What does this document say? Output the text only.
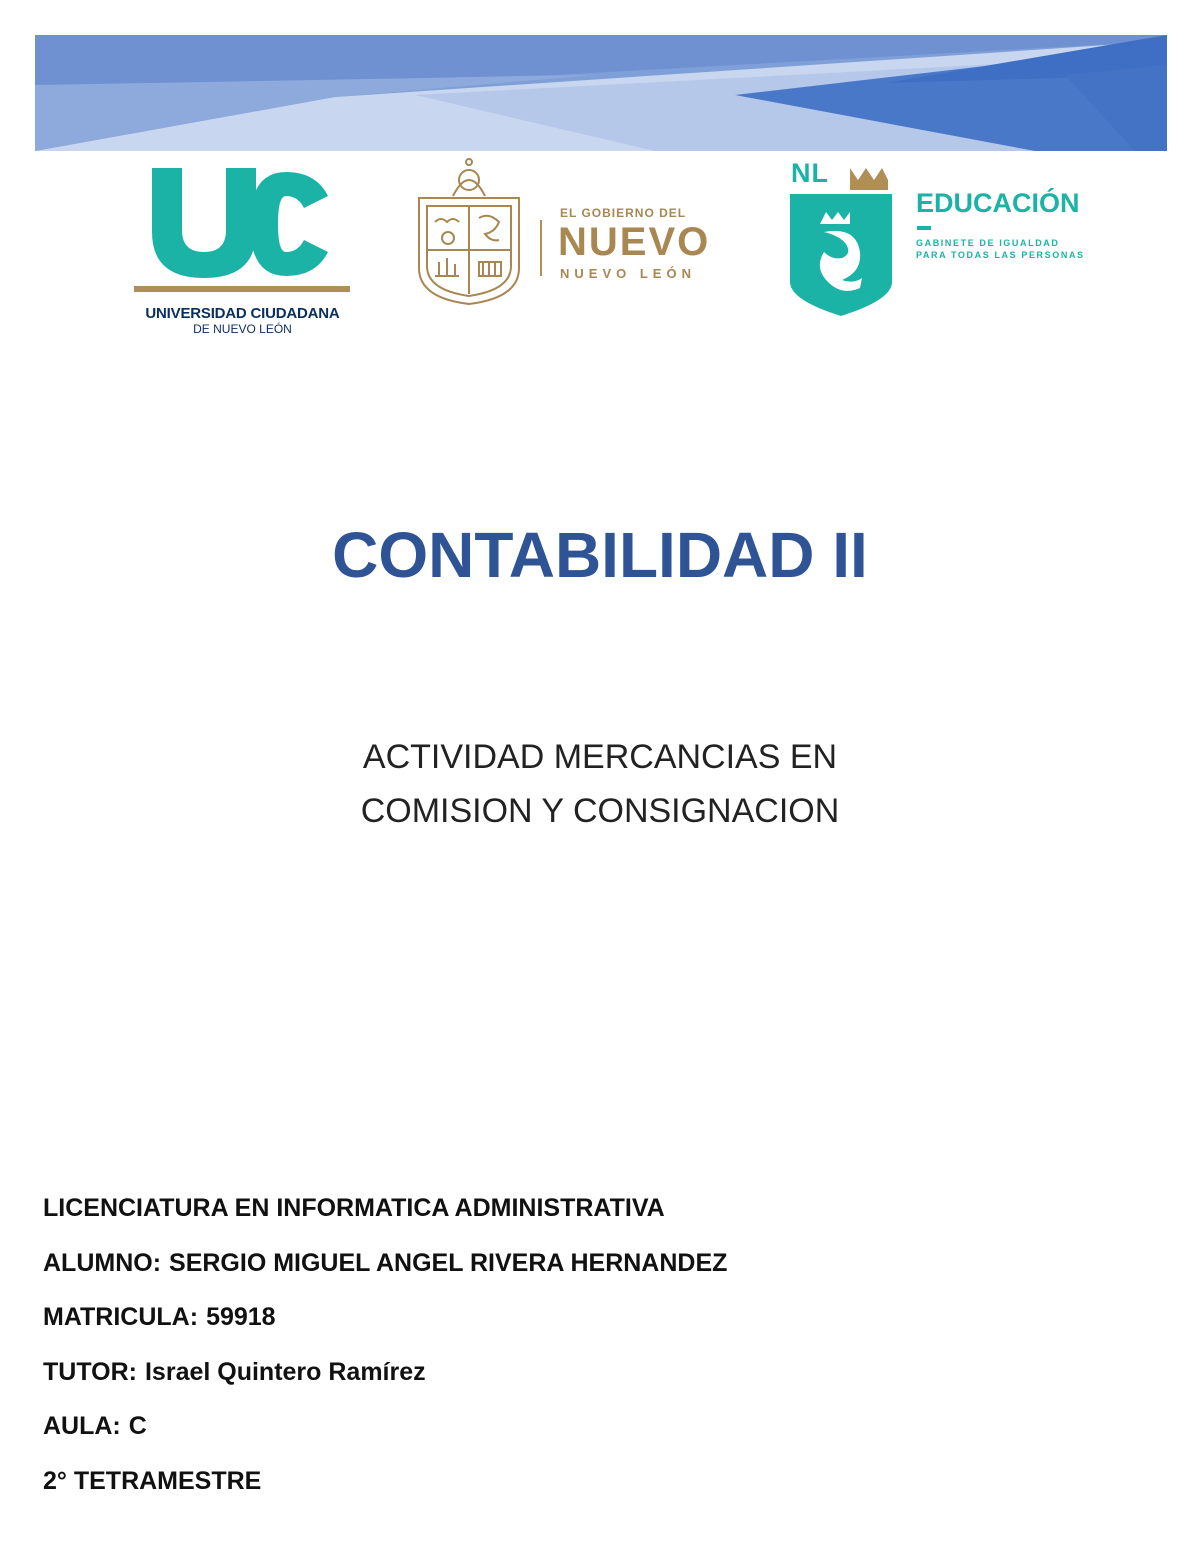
UNIVERSIDAD CIUDADANA
DE NUEVO LEÓN
EL GOBIERNO DEL
NUEVO
NUEVO LEÓN
NL
EDUCACIÓN
GABINETE DE IGUALDAD
PARA TODAS LAS PERSONAS
CONTABILIDAD II
ACTIVIDAD MERCANCIAS EN
COMISION Y CONSIGNACION
LICENCIATURA EN INFORMATICA ADMINISTRATIVA
ALUMNO: SERGIO MIGUEL ANGEL RIVERA HERNANDEZ
MATRICULA: 59918
TUTOR: Israel Quintero Ramírez
AULA: C
2° TETRAMESTRE
